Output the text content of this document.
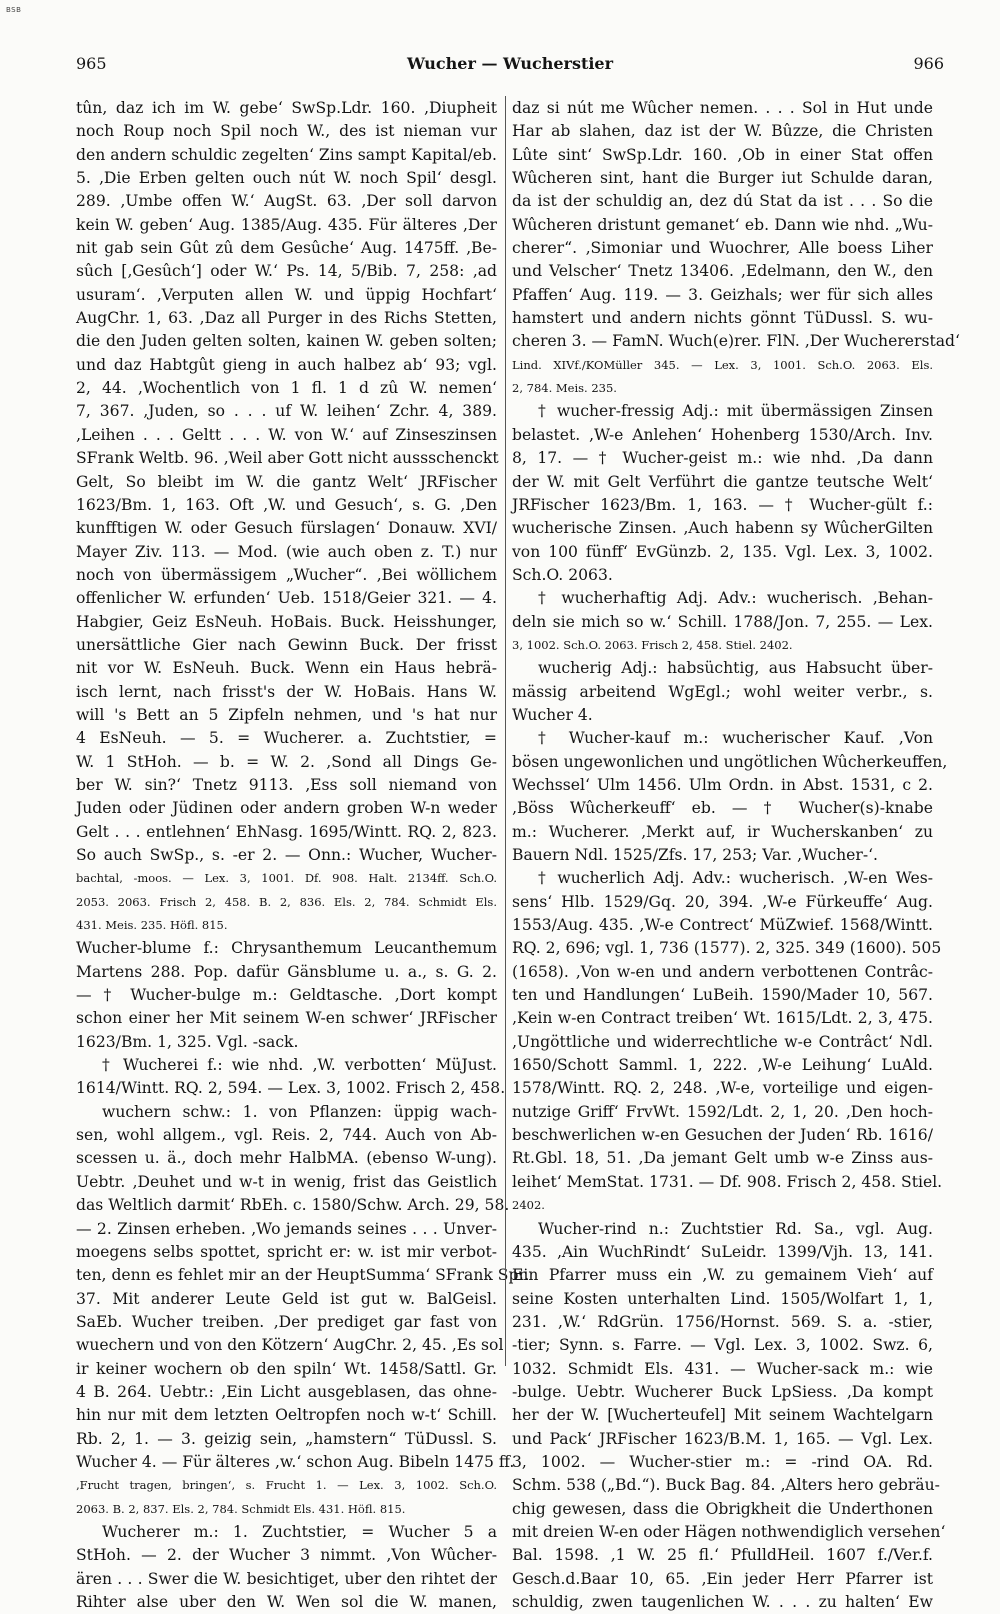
BSB
965	Wucher — Wucherstier	966
tûn, daz ich im W. gebe‘ SwSp.Ldr. 160. ‚Diupheit
noch Roup noch Spil noch W., des ist nieman vur
den andern schuldic zegelten‘ Zins sampt Kapital/eb.
5. ‚Die Erben gelten ouch nút W. noch Spil‘ desgl.
289. ‚Umbe offen W.‘ AugSt. 63. ‚Der soll darvon
kein W. geben‘ Aug. 1385/Aug. 435. Für älteres ‚Der
nit gab sein Gût zû dem Gesûche‘ Aug. 1475ff. ‚Be-
sûch [‚Gesûch‘] oder W.‘ Ps. 14, 5/Bib. 7, 258: ‚ad
usuram‘. ‚Verputen allen W. und üppig Hochfart‘
AugChr. 1, 63. ‚Daz all Purger in des Richs Stetten,
die den Juden gelten solten, kainen W. geben solten;
und daz Habtgût gieng in auch halbez ab‘ 93; vgl.
2, 44. ‚Wochentlich von 1 fl. 1 d zû W. nemen‘
7, 367. ‚Juden, so . . . uf W. leihen‘ Zchr. 4, 389.
‚Leihen . . . Geltt . . . W. von W.‘ auf Zinseszinsen
SFrank Weltb. 96. ‚Weil aber Gott nicht aussschenckt
Gelt, So bleibt im W. die gantz Welt‘ JRFischer
1623/Bm. 1, 163. Oft ‚W. und Gesuch‘, s. G. ‚Den
kunfftigen W. oder Gesuch fürslagen‘ Donauw. XVI/
Mayer Ziv. 113. — Mod. (wie auch oben z. T.) nur
noch von übermässigem „Wucher“. ‚Bei wöllichem
offenlicher W. erfunden‘ Ueb. 1518/Geier 321. — 4.
Habgier, Geiz EsNeuh. HoBais. Buck. Heisshunger,
unersättliche Gier nach Gewinn Buck. Der frisst
nit vor W. EsNeuh. Buck. Wenn ein Haus hebrä-
isch lernt, nach frisst's der W. HoBais. Hans W.
will 's Bett an 5 Zipfeln nehmen, und 's hat nur
4 EsNeuh. — 5. = Wucherer. a. Zuchtstier, =
W. 1 StHoh. — b. = W. 2. ‚Sond all Dings Ge-
ber W. sin?‘ Tnetz 9113. ‚Ess soll niemand von
Juden oder Jüdinen oder andern groben W-n weder
Gelt . . . entlehnen‘ EhNasg. 1695/Wintt. RQ. 2, 823.
So auch SwSp., s. -er 2. — Onn.: Wucher, Wucher-
bachtal, -moos. — Lex. 3, 1001. Df. 908. Halt. 2134ff. Sch.O.
2053. 2063. Frisch 2, 458. B. 2, 836. Els. 2, 784. Schmidt Els.
431. Meis. 235. Höfl. 815.
Wucher-blume f.: Chrysanthemum Leucanthemum
Martens 288. Pop. dafür Gänsblume u. a., s. G. 2.
— † Wucher-bulge m.: Geldtasche. ‚Dort kompt
schon einer her Mit seinem W-en schwer‘ JRFischer
1623/Bm. 1, 325. Vgl. -sack.
† Wucherei f.: wie nhd. ‚W. verbotten‘ MüJust.
1614/Wintt. RQ. 2, 594. — Lex. 3, 1002. Frisch 2, 458.
wuchern schw.: 1. von Pflanzen: üppig wach-
sen, wohl allgem., vgl. Reis. 2, 744. Auch von Ab-
scessen u. ä., doch mehr HalbMA. (ebenso W-ung).
Uebtr. ‚Deuhet und w-t in wenig, frist das Geistlich
das Weltlich darmit‘ RbEh. c. 1580/Schw. Arch. 29, 58.
— 2. Zinsen erheben. ‚Wo jemands seines . . . Unver-
moegens selbs spottet, spricht er: w. ist mir verbot-
ten, denn es fehlet mir an der HeuptSumma‘ SFrank Spr.
37. Mit anderer Leute Geld ist gut w. BalGeisl.
SaEb. Wucher treiben. ‚Der prediget gar fast von
wuechern und von den Kötzern‘ AugChr. 2, 45. ‚Es sol
ir keiner wochern ob den spiln‘ Wt. 1458/Sattl. Gr.
4 B. 264. Uebtr.: ‚Ein Licht ausgeblasen, das ohne-
hin nur mit dem letzten Oeltropfen noch w-t‘ Schill.
Rb. 2, 1. — 3. geizig sein, „hamstern“ TüDussl. S.
Wucher 4. — Für älteres ‚w.‘ schon Aug. Bibeln 1475 ff.
‚Frucht tragen, bringen‘, s. Frucht 1. — Lex. 3, 1002. Sch.O.
2063. B. 2, 837. Els. 2, 784. Schmidt Els. 431. Höfl. 815.
Wucherer m.: 1. Zuchtstier, = Wucher 5 a
StHoh. — 2. der Wucher 3 nimmt. ‚Von Wûcher-
ären . . . Swer die W. besichtiget, uber den rihtet der
Rihter alse uber den W. Wen sol die W. manen,
daz si nút me Wûcher nemen. . . . Sol in Hut unde
Har ab slahen, daz ist der W. Bûzze, die Christen
Lûte sint‘ SwSp.Ldr. 160. ‚Ob in einer Stat offen
Wûcheren sint, hant die Burger iut Schulde daran,
da ist der schuldig an, dez dú Stat da ist . . . So die
Wûcheren dristunt gemanet‘ eb. Dann wie nhd. „Wu-
cherer“. ‚Simoniar und Wuochrer, Alle boess Liher
und Velscher‘ Tnetz 13406. ‚Edelmann, den W., den
Pfaffen‘ Aug. 119. — 3. Geizhals; wer für sich alles
hamstert und andern nichts gönnt TüDussl. S. wu-
cheren 3. — FamN. Wuch(e)rer. FlN. ‚Der Wuchererstad‘
Lind. XIVf./KOMüller 345. — Lex. 3, 1001. Sch.O. 2063. Els.
2, 784. Meis. 235.
† wucher-fressig Adj.: mit übermässigen Zinsen
belastet. ‚W-e Anlehen‘ Hohenberg 1530/Arch. Inv.
8, 17. — † Wucher-geist m.: wie nhd. ‚Da dann
der W. mit Gelt Verführt die gantze teutsche Welt‘
JRFischer 1623/Bm. 1, 163. — † Wucher-gült f.:
wucherische Zinsen. ‚Auch habenn sy WûcherGilten
von 100 fünff‘ EvGünzb. 2, 135. Vgl. Lex. 3, 1002.
Sch.O. 2063.
† wucherhaftig Adj. Adv.: wucherisch. ‚Behan-
deln sie mich so w.‘ Schill. 1788/Jon. 7, 255. — Lex.
3, 1002. Sch.O. 2063. Frisch 2, 458. Stiel. 2402.
wucherig Adj.: habsüchtig, aus Habsucht über-
mässig arbeitend WgEgl.; wohl weiter verbr., s.
Wucher 4.
† Wucher-kauf m.: wucherischer Kauf. ‚Von
bösen ungewonlichen und ungötlichen Wûcherkeuffen,
Wechssel‘ Ulm 1456. Ulm Ordn. in Abst. 1531, c 2.
‚Böss Wûcherkeuff‘ eb. — † Wucher(s)-knabe
m.: Wucherer. ‚Merkt auf, ir Wucherskanben‘ zu
Bauern Ndl. 1525/Zfs. 17, 253; Var. ‚Wucher-‘.
† wucherlich Adj. Adv.: wucherisch. ‚W-en Wes-
sens‘ Hlb. 1529/Gq. 20, 394. ‚W-e Fürkeuffe‘ Aug.
1553/Aug. 435. ‚W-e Contrect‘ MüZwief. 1568/Wintt.
RQ. 2, 696; vgl. 1, 736 (1577). 2, 325. 349 (1600). 505
(1658). ‚Von w-en und andern verbottenen Contrâc-
ten und Handlungen‘ LuBeih. 1590/Mader 10, 567.
‚Kein w-en Contract treiben‘ Wt. 1615/Ldt. 2, 3, 475.
‚Ungöttliche und widerrechtliche w-e Contrâct‘ Ndl.
1650/Schott Samml. 1, 222. ‚W-e Leihung‘ LuAld.
1578/Wintt. RQ. 2, 248. ‚W-e, vorteilige und eigen-
nutzige Griff‘ FrvWt. 1592/Ldt. 2, 1, 20. ‚Den hoch-
beschwerlichen w-en Gesuchen der Juden‘ Rb. 1616/
Rt.Gbl. 18, 51. ‚Da jemant Gelt umb w-e Zinss aus-
leihet‘ MemStat. 1731. — Df. 908. Frisch 2, 458. Stiel.
2402.
Wucher-rind n.: Zuchtstier Rd. Sa., vgl. Aug.
435. ‚Ain WuchRindt‘ SuLeidr. 1399/Vjh. 13, 141.
Ein Pfarrer muss ein ‚W. zu gemainem Vieh‘ auf
seine Kosten unterhalten Lind. 1505/Wolfart 1, 1,
231. ‚W.‘ RdGrün. 1756/Hornst. 569. S. a. -stier,
-tier; Synn. s. Farre. — Vgl. Lex. 3, 1002. Swz. 6,
1032. Schmidt Els. 431. — Wucher-sack m.: wie
-bulge. Uebtr. Wucherer Buck LpSiess. ‚Da kompt
her der W. [Wucherteufel] Mit seinem Wachtelgarn
und Pack‘ JRFischer 1623/B.M. 1, 165. — Vgl. Lex.
3, 1002. — Wucher-stier m.: = -rind OA. Rd.
Schm. 538 („Bd.“). Buck Bag. 84. ‚Alters hero gebräu-
chig gewesen, dass die Obrigkheit die Underthonen
mit dreien W-en oder Hägen nothwendiglich versehen‘
Bal. 1598. ‚1 W. 25 fl.‘ PfulldHeil. 1607 f./Ver.f.
Gesch.d.Baar 10, 65. ‚Ein jeder Herr Pfarrer ist
schuldig, zwen taugenlichen W. . . . zu halten‘ Ew
